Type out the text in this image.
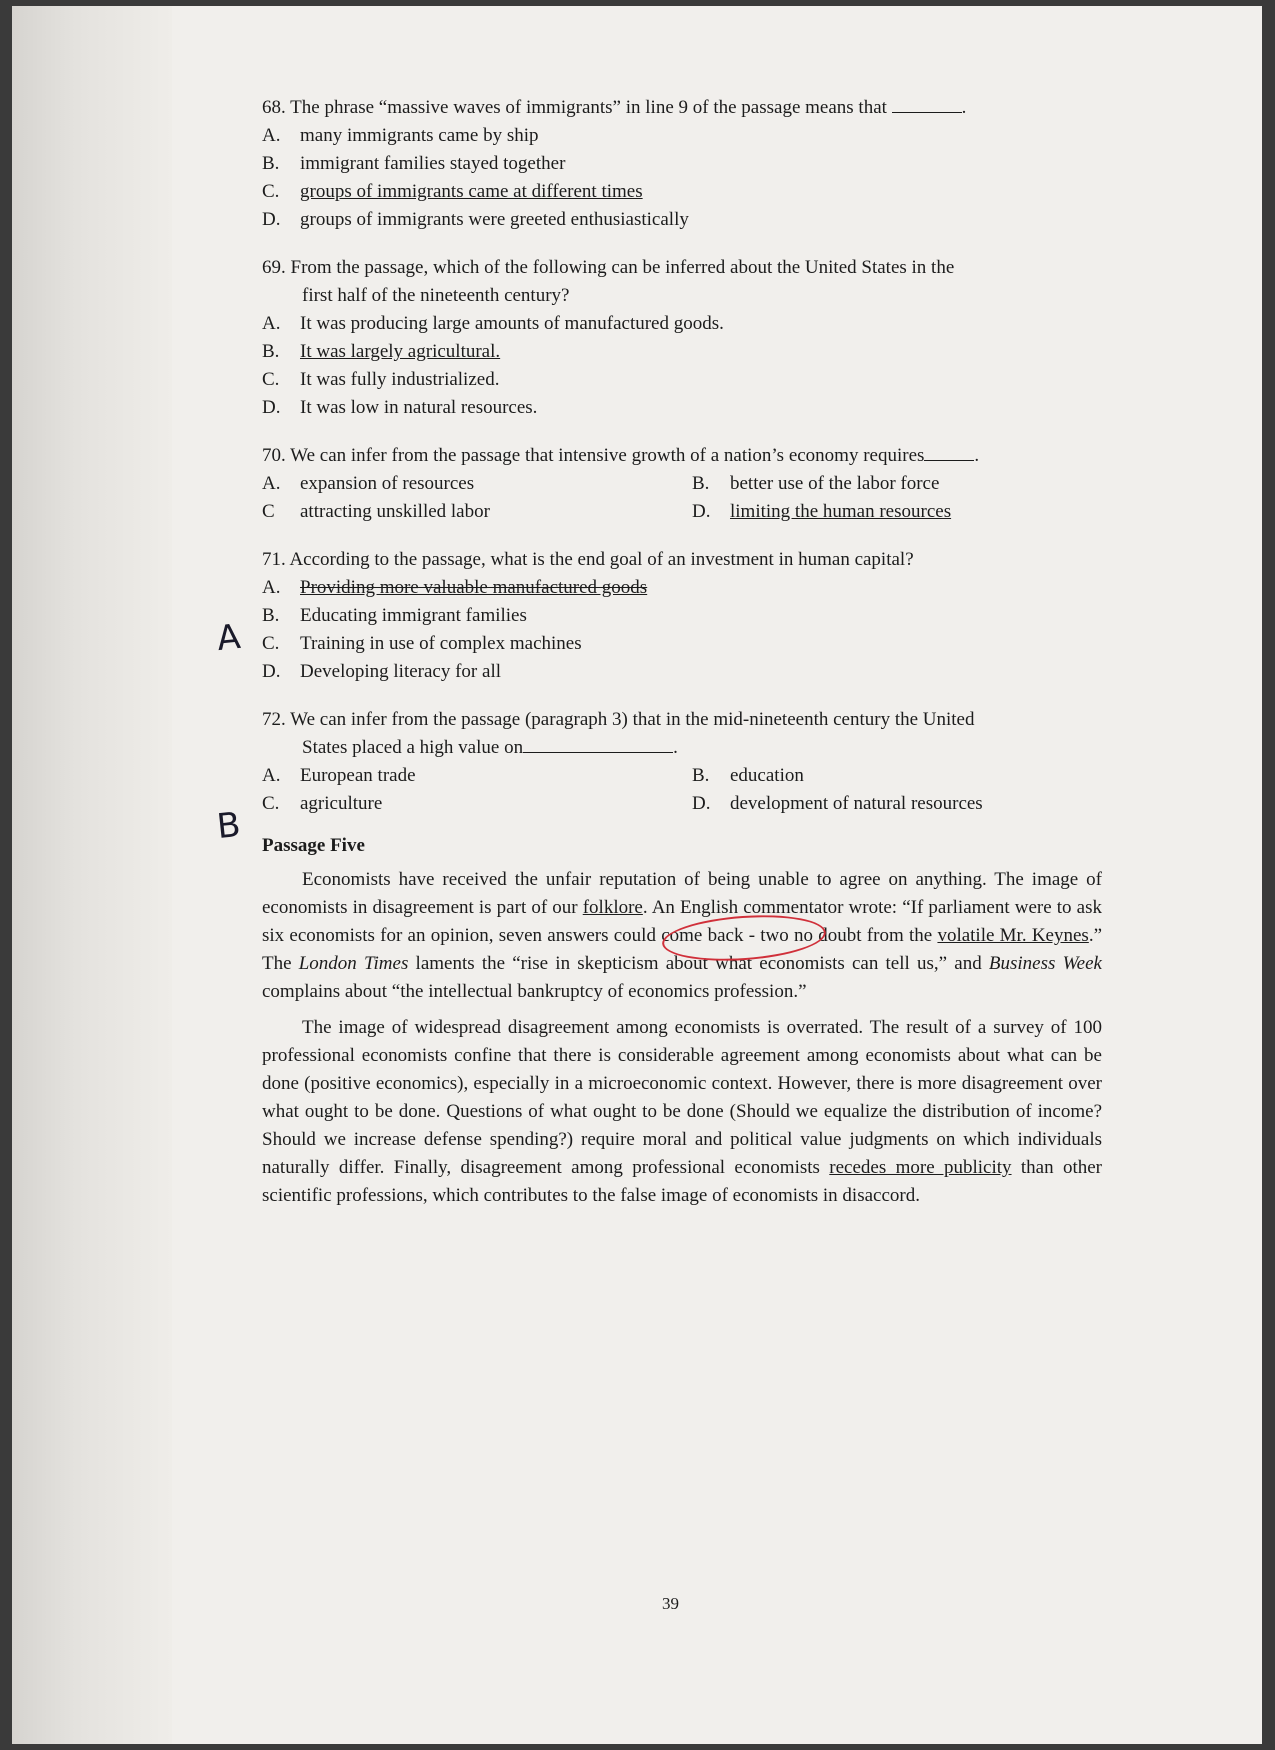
68. The phrase “massive waves of immigrants” in line 9 of the passage means that	.
A. many immigrants came by ship
B. immigrant families stayed together
C. groups of immigrants came at different times
D. groups of immigrants were greeted enthusiastically
69. From the passage, which of the following can be inferred about the United States in the
first half of the nineteenth century?
A. It was producing large amounts of manufactured goods.
B. It was largely agricultural.
C. It was fully industrialized.
D. It was low in natural resources.
70. We can infer from the passage that intensive growth of a nation’s economy requires	.
A. expansion of resources	B. better use of the labor force
C attracting unskilled labor	D. limiting the human resources
71. According to the passage, what is the end goal of an investment in human capital?
A. Providing more valuable manufactured goods
B. Educating immigrant families
C. Training in use of complex machines
D. Developing literacy for all
72. We can infer from the passage (paragraph 3) that in the mid-nineteenth century the United
States placed a high value on	.
A. European trade	B. education
C. agriculture	D. development of natural resources
Passage Five

Economists have received the unfair reputation of being unable to agree on anything. The image of economists in disagreement is part of our folklore. An English commentator wrote: “If parliament were to ask six economists for an opinion, seven answers could come back - two no doubt from the volatile Mr. Keynes.” The London Times laments the “rise in skepticism about what economists can tell us,” and Business Week complains about “the intellectual bankruptcy of economics profession.”

The image of widespread disagreement among economists is overrated. The result of a survey of 100 professional economists confine that there is considerable agreement among economists about what can be done (positive economics), especially in a microeconomic context. However, there is more disagreement over what ought to be done. Questions of what ought to be done (Should we equalize the distribution of income? Should we increase defense spending?) require moral and political value judgments on which individuals naturally differ. Finally, disagreement among professional economists recedes more publicity than other scientific professions, which contributes to the false image of economists in disaccord.

A
B
39
